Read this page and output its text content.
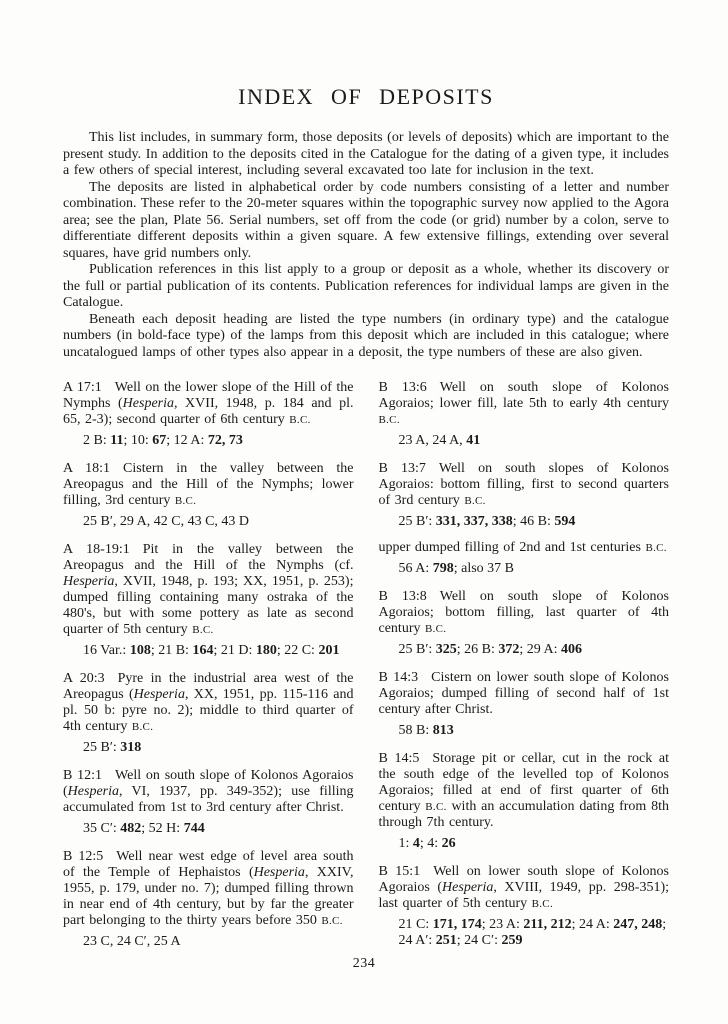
INDEX OF DEPOSITS

This list includes, in summary form, those deposits (or levels of deposits) which are important to the present study. In addition to the deposits cited in the Catalogue for the dating of a given type, it includes a few others of special interest, including several excavated too late for inclusion in the text.

The deposits are listed in alphabetical order by code numbers consisting of a letter and number combination. These refer to the 20-meter squares within the topographic survey now applied to the Agora area; see the plan, Plate 56. Serial numbers, set off from the code (or grid) number by a colon, serve to differentiate different deposits within a given square. A few extensive fillings, extending over several squares, have grid numbers only.

Publication references in this list apply to a group or deposit as a whole, whether its discovery or the full or partial publication of its contents. Publication references for individual lamps are given in the Catalogue.

Beneath each deposit heading are listed the type numbers (in ordinary type) and the catalogue numbers (in bold-face type) of the lamps from this deposit which are included in this catalogue; where uncatalogued lamps of other types also appear in a deposit, the type numbers of these are also given.

A 17:1 Well on the lower slope of the Hill of the Nymphs (Hesperia, XVII, 1948, p. 184 and pl. 65, 2-3); second quarter of 6th century B.C.

2 B: 11; 10: 67; 12 A: 72, 73

A 18:1 Cistern in the valley between the Areopagus and the Hill of the Nymphs; lower filling, 3rd century B.C.

25 B′, 29 A, 42 C, 43 C, 43 D

A 18-19:1 Pit in the valley between the Areopagus and the Hill of the Nymphs (cf. Hesperia, XVII, 1948, p. 193; XX, 1951, p. 253); dumped filling containing many ostraka of the 480's, but with some pottery as late as second quarter of 5th century B.C.

16 Var.: 108; 21 B: 164; 21 D: 180; 22 C: 201

A 20:3 Pyre in the industrial area west of the Areopagus (Hesperia, XX, 1951, pp. 115-116 and pl. 50 b: pyre no. 2); middle to third quarter of 4th century B.C.

25 B′: 318

B 12:1 Well on south slope of Kolonos Agoraios (Hesperia, VI, 1937, pp. 349-352); use filling accumulated from 1st to 3rd century after Christ.

35 C′: 482; 52 H: 744

B 12:5 Well near west edge of level area south of the Temple of Hephaistos (Hesperia, XXIV, 1955, p. 179, under no. 7); dumped filling thrown in near end of 4th century, but by far the greater part belonging to the thirty years before 350 B.C.

23 C, 24 C′, 25 A

B 13:6 Well on south slope of Kolonos Agoraios; lower fill, late 5th to early 4th century B.C.

23 A, 24 A, 41

B 13:7 Well on south slopes of Kolonos Agoraios: bottom filling, first to second quarters of 3rd century B.C.

25 B′: 331, 337, 338; 46 B: 594

upper dumped filling of 2nd and 1st centuries B.C.

56 A: 798; also 37 B

B 13:8 Well on south slope of Kolonos Agoraios; bottom filling, last quarter of 4th century B.C.

25 B′: 325; 26 B: 372; 29 A: 406

B 14:3 Cistern on lower south slope of Kolonos Agoraios; dumped filling of second half of 1st century after Christ.

58 B: 813

B 14:5 Storage pit or cellar, cut in the rock at the south edge of the levelled top of Kolonos Agoraios; filled at end of first quarter of 6th century B.C. with an accumulation dating from 8th through 7th century.

1: 4; 4: 26

B 15:1 Well on lower south slope of Kolonos Agoraios (Hesperia, XVIII, 1949, pp. 298-351); last quarter of 5th century B.C.

21 C: 171, 174; 23 A: 211, 212; 24 A: 247, 248; 24 A′: 251; 24 C′: 259

234
